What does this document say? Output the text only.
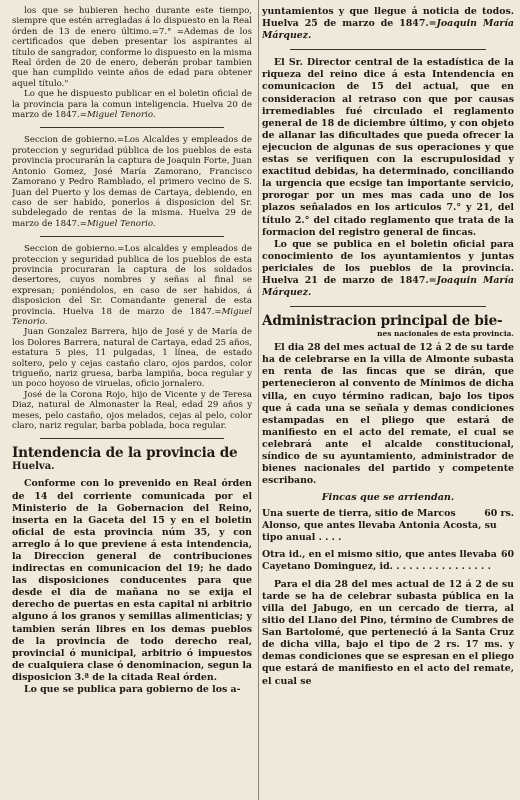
los que se hubieren hecho durante este tiempo, siempre que estén arregladas á lo dispuesto en la Real órden de 13 de enero último.=7.° =Ademas de los certificados que deben presentar los aspirantes al título de sangrador, conforme lo dispuesto en la misma Real órden de 20 de enero, deberán probar tambien que han cumplido veinte años de edad para obtener aquel título."

Lo que he dispuesto publicar en el boletin oficial de la provincia para la comun inteligencia. Huelva 20 de marzo de 1847.=Miguel Tenorio.

Seccion de gobierno.=Los Alcaldes y empleados de proteccion y seguridad pública de los pueblos de esta provincia procurarán la captura de Joaquin Forte, Juan Antonio Gomez, José María Zamorano, Francisco Zamorano y Pedro Ramblado, el primero vecino de S. Juan del Puerto y los demas de Cartaya, debiendo, en caso de ser habido, ponerlos á disposicion del Sr. subdelegado de rentas de la misma. Huelva 29 de marzo de 1847.=Miguel Tenorio.

Seccion de gobierno.=Los alcaldes y empleados de proteccion y seguridad publica de los pueblos de esta provincia procuraran la captura de los soldados desertores, cuyos nombres y señas al final se expresan; poniéndolos, en caso de ser habidos, á disposicion del Sr. Comandante general de esta provincia. Huelva 18 de marzo de 1847.=Miguel Tenorio.

Juan Gonzalez Barrera, hijo de José y de María de los Dolores Barrera, natural de Cartaya, edad 25 años, estatura 5 pies, 11 pulgadas, 1 línea, de estado soltero, pelo y cejas castaño claro, ojos pardos, color trigueño, nariz gruesa, barba lampiña, boca regular y un poco hoyoso de viruelas, oficio jornalero.

José de la Corona Rojo, hijo de Vicente y de Teresa Diaz, natural de Almonaster la Real, edad 29 años y meses, pelo castaño, ojos melados, cejas al pelo, color claro, nariz regular, barba poblada, boca regular.

Intendencia de la provincia de
Huelva.

Conforme con lo prevenido en Real órden de 14 del corriente comunicada por el Ministerio de la Gobernacion del Reino, inserta en la Gaceta del 15 y en el boletin oficial de esta provincia núm 35, y con arreglo á lo que previene á esta intendencia, la Direccion general de contribuciones indirectas en comunicacion del 19; he dado las disposiciones conducentes para que desde el dia de mañana no se exija el derecho de puertas en esta capital ni arbitrio alguno á los granos y semillas alimenticias; y tambien serán libres en los demas pueblos de la provincia de todo derecho real, provincial ó municipal, arbitrio ó impuestos de cualquiera clase ó denominacion, segun la disposicion 3.ª de la citada Real órden.

Lo que se publica para gobierno de los a-

yuntamientos y que llegue á noticia de todos. Huelva 25 de marzo de 1847.=Joaquin María Márquez.

El Sr. Director central de la estadística de la riqueza del reino dice á esta Intendencia en comunicacion de 15 del actual, que en consideracion al retraso con que por causas irremediables fué circulado el reglamento general de 18 de diciembre último, y con objeto de allanar las dificultades que pueda ofrecer la ejecucion de algunas de sus operaciones y que estas se verifiquen con la escrupulosidad y exactitud debidas, ha determinado, conciliando la urgencia que ecsige tan importante servicio, prorogar por un mes mas cada uno de los plazos señalados en los articulos 7.° y 21, del título 2.° del citado reglamento que trata de la formacion del registro general de fincas.

Lo que se publica en el boletin oficial para conocimiento de los ayuntamientos y juntas periciales de los pueblos de la provincia. Huelva 21 de marzo de 1847.=Joaquin María Márquez.

Administracion principal de bie-
nes nacionales de esta provincia.

El dia 28 del mes actual de 12 á 2 de su tarde ha de celebrarse en la villa de Almonte subasta en renta de las fincas que se dirán, que pertenecieron al convento de Mínimos de dicha villa, en cuyo término radican, bajo los tipos que á cada una se señala y demas condiciones estampadas en el pliego que estará de manifiesto en el acto del remate, el cual se celebrará ante el alcalde constitucional, síndico de su ayuntamiento, administrador de bienes nacionales del partido y competente escribano.

Fincas que se arriendan.
60 rs.
Una suerte de tierra, sitio de Marcos Alonso, que antes llevaba Antonia Acosta, su tipo anual . . . .
60
Otra id., en el mismo sitio, que antes llevaba Cayetano Dominguez, id. . . . . . . . . . . . . . . .

Para el dia 28 del mes actual de 12 á 2 de su tarde se ha de celebrar subasta pública en la villa del Jabugo, en un cercado de tierra, al sitio del Llano del Pino, término de Cumbres de San Bartolomé, que perteneció á la Santa Cruz de dicha villa, bajo el tipo de 2 rs. 17 ms. y demas condiciones que se espresan en el pliego que estará de manifiesto en el acto del remate, el cual se
